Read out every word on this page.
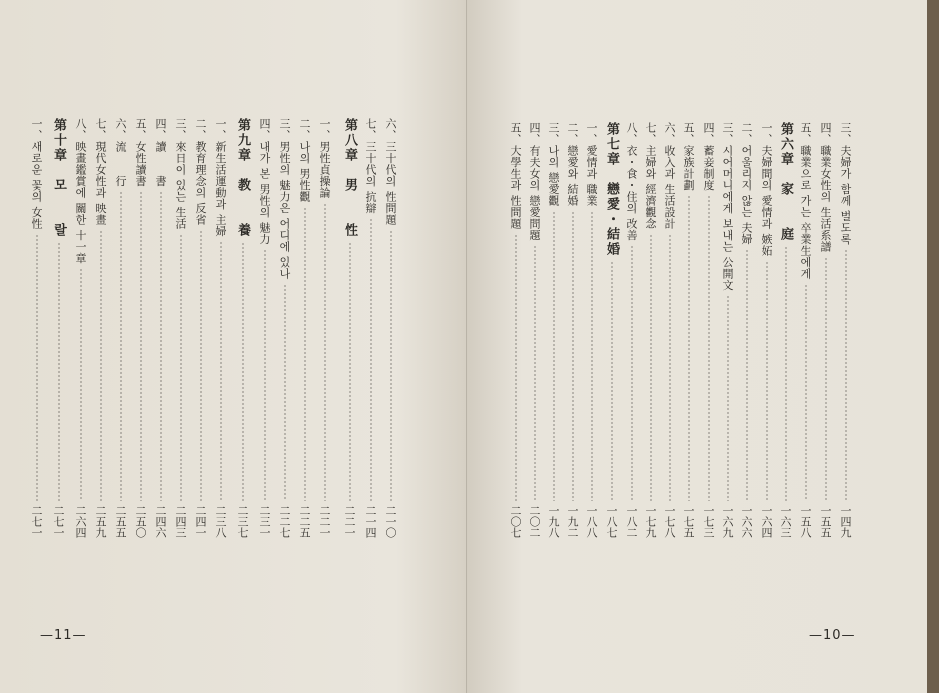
—11—
六、三十代의 性問題
二一〇
七、三十代의 抗辯
二一四
第八章　男　　性
二二一
一、男性貞操論
二二一
二、나의 男性觀
二二五
三、男性의 魅力은 어디에 있나
二二七
四、내가 본 男性의 魅力
二三一
第九章　教　　養
二三七
一、新生活運動과 主婦
二三八
二、教育理念의 反省
二四一
三、來日이 있는 生活
二四三
四、讀　　書
二四六
五、女性讀書
二五〇
六、流　　行
二五五
七、現代女性과 映畫
二五九
八、映畫鑑賞에 關한 十一章
二六四
第十章　모　　랄
二七一
一、새로운 꽃의 女性
二七一
—10—
三、夫婦가 함께 벌도록
一四九
四、職業女性의 生活系譜
一五五
五、職業으로 가는 卒業生에게
一五八
第六章　家　　庭
一六三
一、夫婦間의 愛情과 嫉妬
一六四
二、어울리지 않는 夫婦
一六六
三、시어머니에게 보내는 公開文
一六九
四、蓄妾制度
一七三
五、家族計劃
一七五
六、收入과 生活設計
一七八
七、主婦와 經濟觀念
一七九
八、衣・食・住의 改善
一八二
第七章　戀愛・結婚
一八七
一、愛情과 職業
一八八
二、戀愛와 結婚
一九二
三、나의 戀愛觀
一九八
四、有夫女의 戀愛問題
二〇二
五、大學生과 性問題
二〇七
